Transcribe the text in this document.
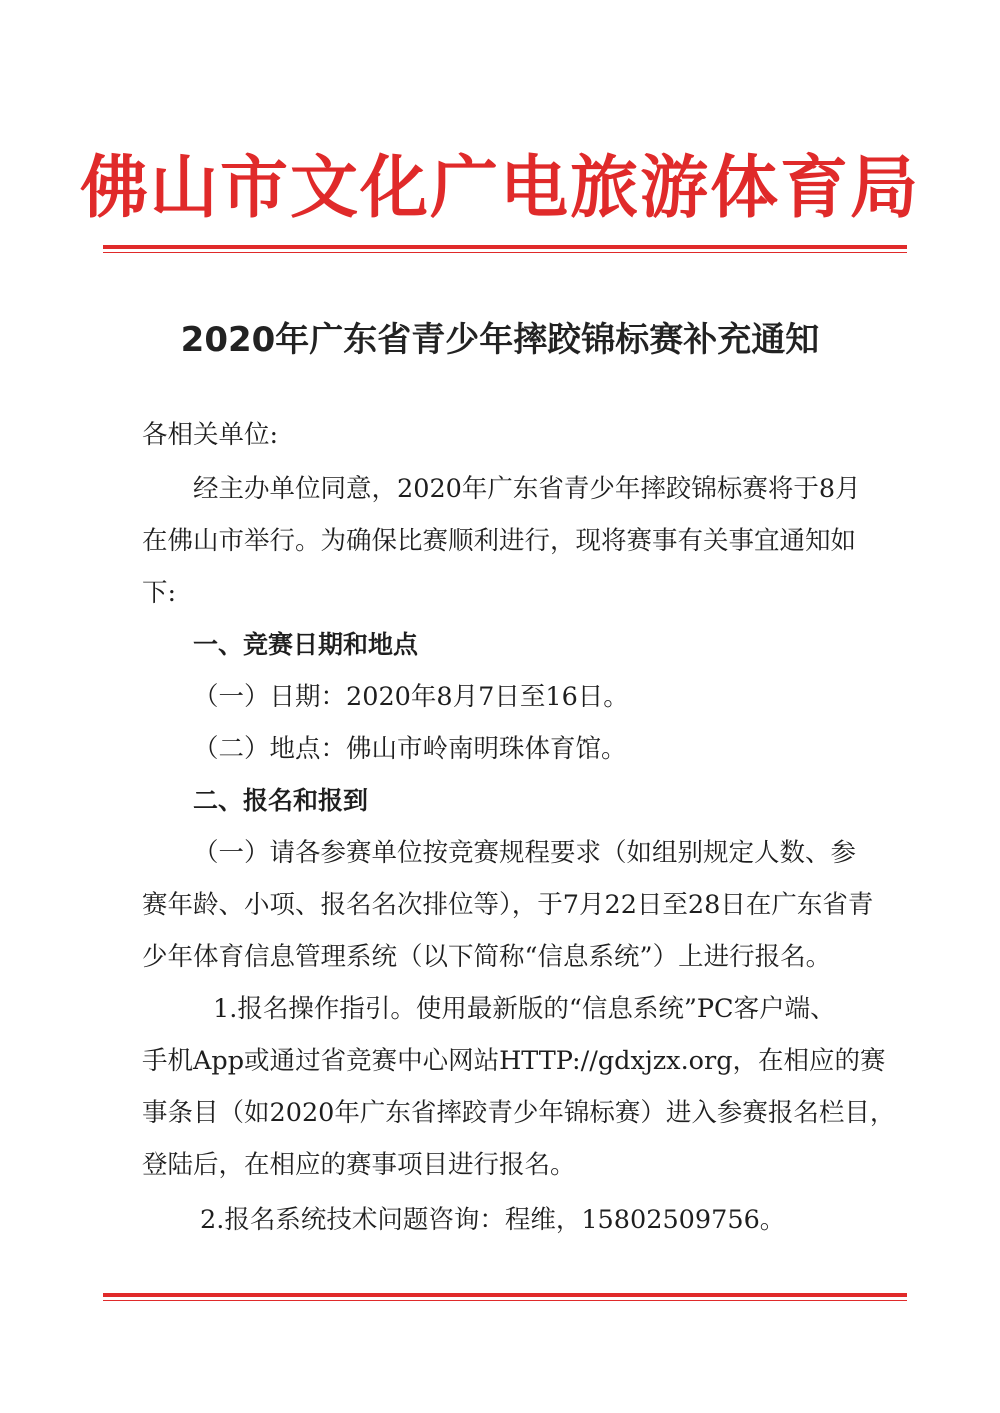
佛山市文化广电旅游体育局
2020年广东省青少年摔跤锦标赛补充通知
各相关单位:
经主办单位同意，2020年广东省青少年摔跤锦标赛将于8月
在佛山市举行。为确保比赛顺利进行，现将赛事有关事宜通知如
下:
一、竞赛日期和地点
（一）日期：2020年8月7日至16日。
（二）地点：佛山市岭南明珠体育馆。
二、报名和报到
（一）请各参赛单位按竞赛规程要求（如组别规定人数、参
赛年龄、小项、报名名次排位等），于7月22日至28日在广东省青
少年体育信息管理系统（以下简称“信息系统”）上进行报名。
1.报名操作指引。使用最新版的“信息系统”PC客户端、
手机App或通过省竞赛中心网站HTTP://gdxjzx.org，在相应的赛
事条目（如2020年广东省摔跤青少年锦标赛）进入参赛报名栏目，
登陆后，在相应的赛事项目进行报名。
2.报名系统技术问题咨询：程维，15802509756。
